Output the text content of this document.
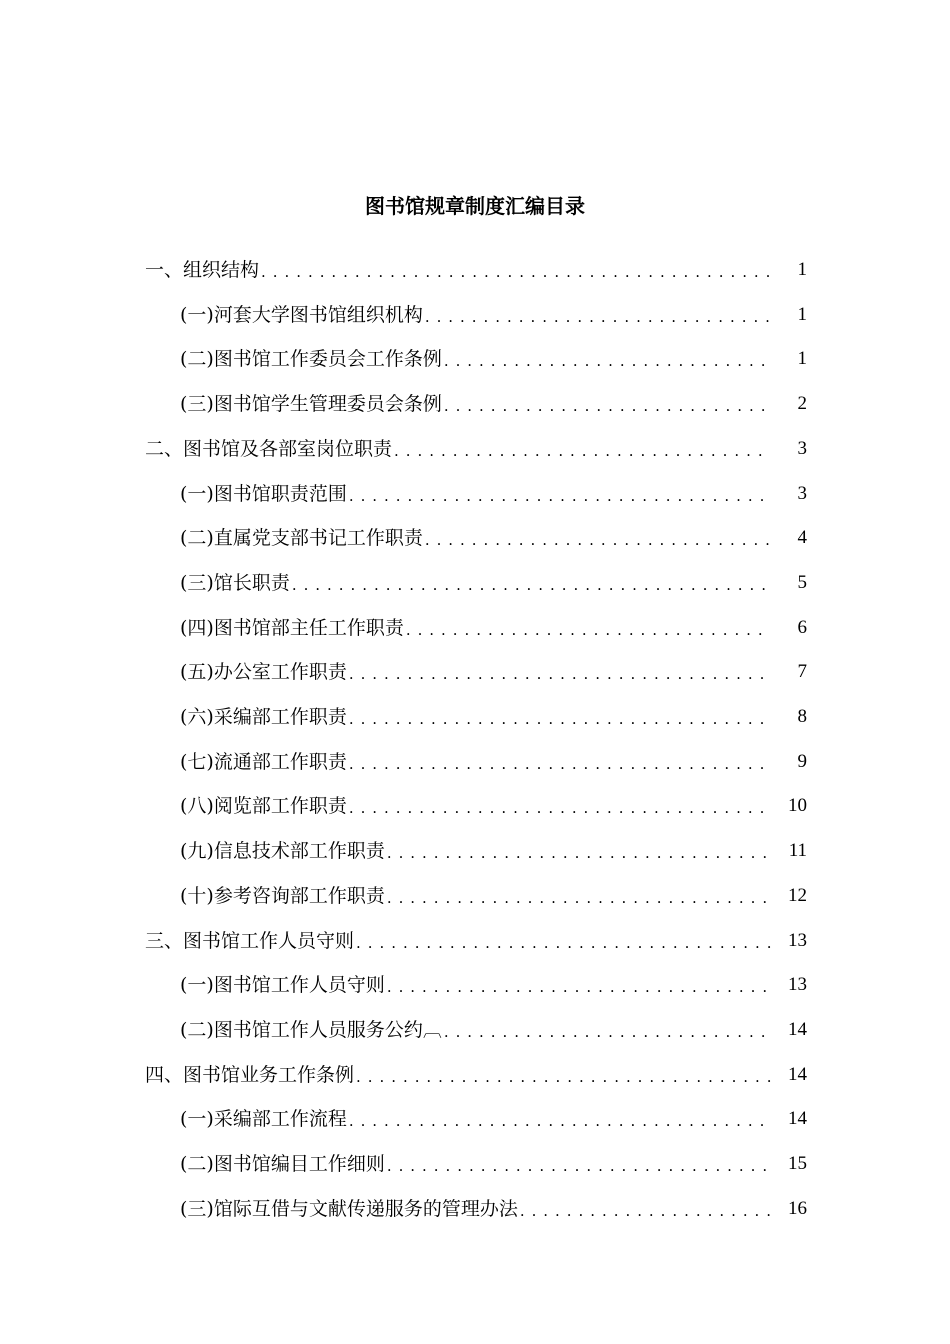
图书馆规章制度汇编目录
一、组织结构 . . .	1
(一)河套大学图书馆组织机构 . . .	1
(二)图书馆工作委员会工作条例 . . .	1
(三)图书馆学生管理委员会条例 . . .	2
二、图书馆及各部室岗位职责 . . .	3
(一)图书馆职责范围 . . .	3
(二)直属党支部书记工作职责 . . .	4
(三)馆长职责 . . .	5
(四)图书馆部主任工作职责 . . .	6
(五)办公室工作职责 . . .	7
(六)采编部工作职责 . . .	8
(七)流通部工作职责 . . .	9
(八)阅览部工作职责 . . .	10
(九)信息技术部工作职责 . . .	11
(十)参考咨询部工作职责 . . .	12
三、图书馆工作人员守则 . . .	13
(一)图书馆工作人员守则 . . .	13
(二)图书馆工作人员服务公约︹ . . .	14
四、图书馆业务工作条例 . . .	14
(一)采编部工作流程 . . .	14
(二)图书馆编目工作细则 . . .	15
(三)馆际互借与文献传递服务的管理办法 . . .	16
